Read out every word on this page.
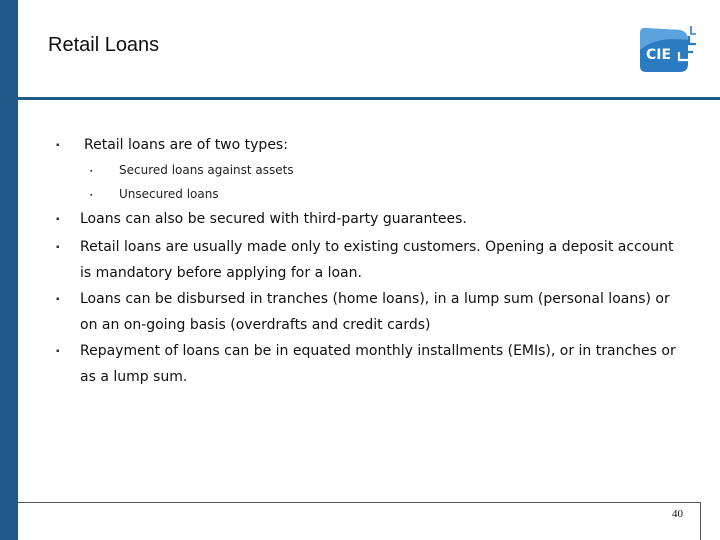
Retail Loans	CIE
▪ Retail loans are of two types:
▪ Secured loans against assets
▪ Unsecured loans
▪ Loans can also be secured with third-party guarantees.
▪ Retail loans are usually made only to existing customers. Opening a deposit account is mandatory before applying for a loan.
▪ Loans can be disbursed in tranches (home loans), in a lump sum (personal loans) or on an on-going basis (overdrafts and credit cards)
▪ Repayment of loans can be in equated monthly installments (EMIs), or in tranches or as a lump sum.
40
